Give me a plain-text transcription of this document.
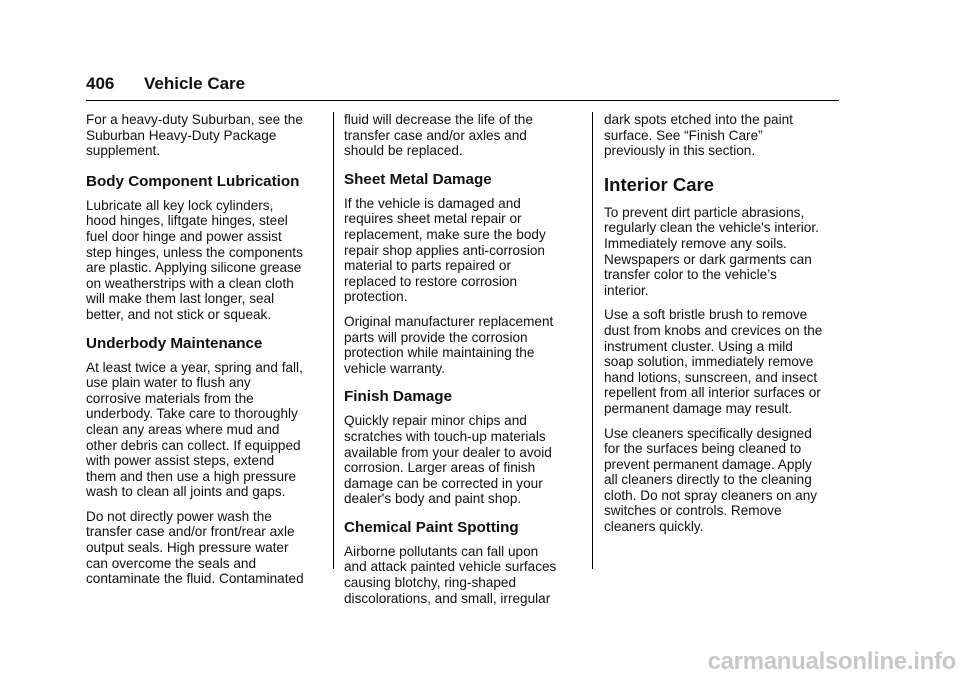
406 Vehicle Care

For a heavy-duty Suburban, see the
Suburban Heavy-Duty Package
supplement.

Body Component Lubrication

Lubricate all key lock cylinders,
hood hinges, liftgate hinges, steel
fuel door hinge and power assist
step hinges, unless the components
are plastic. Applying silicone grease
on weatherstrips with a clean cloth
will make them last longer, seal
better, and not stick or squeak.

Underbody Maintenance

At least twice a year, spring and fall,
use plain water to flush any
corrosive materials from the
underbody. Take care to thoroughly
clean any areas where mud and
other debris can collect. If equipped
with power assist steps, extend
them and then use a high pressure
wash to clean all joints and gaps.

Do not directly power wash the
transfer case and/or front/rear axle
output seals. High pressure water
can overcome the seals and
contaminate the fluid. Contaminated

fluid will decrease the life of the
transfer case and/or axles and
should be replaced.

Sheet Metal Damage

If the vehicle is damaged and
requires sheet metal repair or
replacement, make sure the body
repair shop applies anti-corrosion
material to parts repaired or
replaced to restore corrosion
protection.

Original manufacturer replacement
parts will provide the corrosion
protection while maintaining the
vehicle warranty.

Finish Damage

Quickly repair minor chips and
scratches with touch-up materials
available from your dealer to avoid
corrosion. Larger areas of finish
damage can be corrected in your
dealer's body and paint shop.

Chemical Paint Spotting

Airborne pollutants can fall upon
and attack painted vehicle surfaces
causing blotchy, ring-shaped
discolorations, and small, irregular

dark spots etched into the paint
surface. See “Finish Care”
previously in this section.

Interior Care

To prevent dirt particle abrasions,
regularly clean the vehicle's interior.
Immediately remove any soils.
Newspapers or dark garments can
transfer color to the vehicle’s
interior.

Use a soft bristle brush to remove
dust from knobs and crevices on the
instrument cluster. Using a mild
soap solution, immediately remove
hand lotions, sunscreen, and insect
repellent from all interior surfaces or
permanent damage may result.

Use cleaners specifically designed
for the surfaces being cleaned to
prevent permanent damage. Apply
all cleaners directly to the cleaning
cloth. Do not spray cleaners on any
switches or controls. Remove
cleaners quickly.

carmanualsonline.info
